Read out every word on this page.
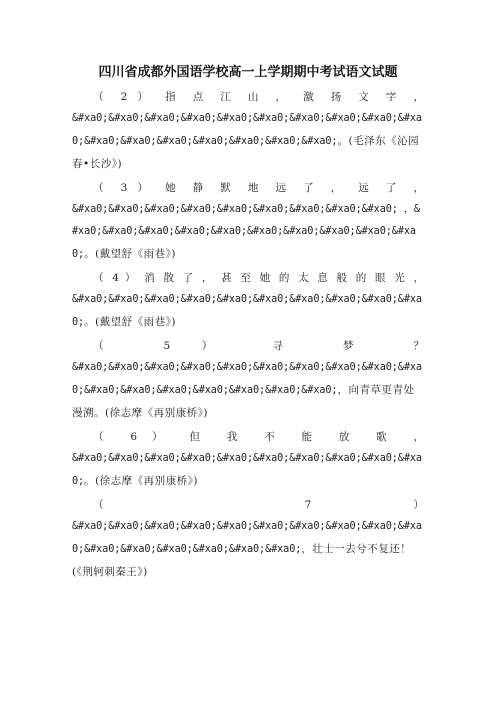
四川省成都外国语学校高一上学期期中考试语文试题
（ 2 ） 指 点 江 山 ， 激 扬 文 字 ，
&#xa0;&#xa0;&#xa0;&#xa0;&#xa0;&#xa0;&#xa0;&#xa0;&#xa0;&#xa0;&#xa0;&#xa0;&#xa0;&#xa0;&#xa0;&#xa0;&#xa0;。(毛泽东《沁园春•长沙》)
（ 3 ） 她 静 默 地 远 了 ， 远 了 ，
&#xa0;&#xa0;&#xa0;&#xa0;&#xa0;&#xa0;&#xa0;&#xa0;&#xa0; ，&#xa0;&#xa0;&#xa0;&#xa0;&#xa0;&#xa0;&#xa0;&#xa0;&#xa0;&#xa0;。(戴望舒《雨巷》)
（ 4 ） 消 散 了 ， 甚 至 她 的 太 息 般 的 眼 光 ，
&#xa0;&#xa0;&#xa0;&#xa0;&#xa0;&#xa0;&#xa0;&#xa0;&#xa0;&#xa0;。(戴望舒《雨巷》)
（ 5 ） 寻 梦 ？
&#xa0;&#xa0;&#xa0;&#xa0;&#xa0;&#xa0;&#xa0;&#xa0;&#xa0;&#xa0;&#xa0;&#xa0;&#xa0;&#xa0;&#xa0;&#xa0;&#xa0;，向青草更青处漫溯。(徐志摩《再别康桥》)
（ 6 ） 但 我 不 能 放 歌 ，
&#xa0;&#xa0;&#xa0;&#xa0;&#xa0;&#xa0;&#xa0;&#xa0;&#xa0;&#xa0;。(徐志摩《再别康桥》)
（ 7 ）
&#xa0;&#xa0;&#xa0;&#xa0;&#xa0;&#xa0;&#xa0;&#xa0;&#xa0;&#xa0;&#xa0;&#xa0;&#xa0;&#xa0;&#xa0;&#xa0;，壮士一去兮不复还！(《荆轲刺秦王》)
